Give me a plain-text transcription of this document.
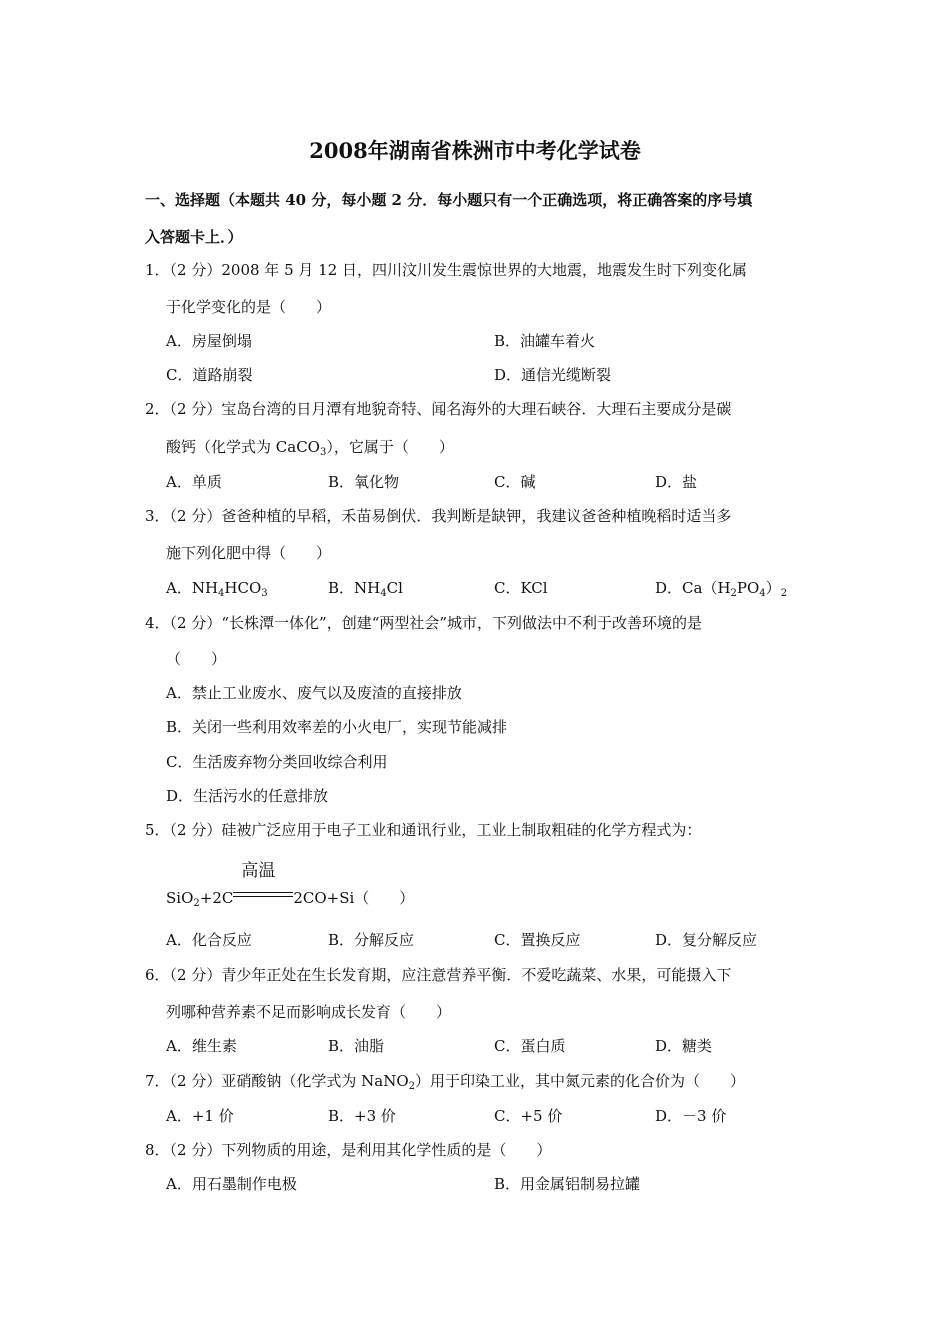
2008年湖南省株洲市中考化学试卷
一、选择题（本题共 40 分，每小题 2 分．每小题只有一个正确选项，将正确答案的序号填
入答题卡上．）
1．（2 分）2008 年 5 月 12 日，四川汶川发生震惊世界的大地震，地震发生时下列变化属
于化学变化的是（　　）
A．房屋倒塌	B．油罐车着火
C．道路崩裂	D．通信光缆断裂
2．（2 分）宝岛台湾的日月潭有地貌奇特、闻名海外的大理石峡谷．大理石主要成分是碳
酸钙（化学式为 CaCO$_3$），它属于（　　）
A．单质	B．氧化物	C．碱	D．盐
3．（2 分）爸爸种植的早稻，禾苗易倒伏．我判断是缺钾，我建议爸爸种植晚稻时适当多
施下列化肥中得（　　）
A．$NH_4HCO_3$	B．$NH_4Cl$	C．KCl	D．$Ca(H_2PO_4)_2$
4．（2 分）“长株潭一体化”，创建“两型社会”城市，下列做法中不利于改善环境的是
（　　）
A．禁止工业废水、废气以及废渣的直接排放
B．关闭一些利用效率差的小火电厂，实现节能减排
C．生活废弃物分类回收综合利用
D．生活污水的任意排放
5．（2 分）硅被广泛应用于电子工业和通讯行业，工业上制取粗硅的化学方程式为：
SiO$_2$+2C
高温
2CO+Si（　　）
A．化合反应	B．分解反应	C．置换反应	D．复分解反应
6．（2 分）青少年正处在生长发育期，应注意营养平衡．不爱吃蔬菜、水果，可能摄入下
列哪种营养素不足而影响成长发育（　　）
A．维生素	B．油脂	C．蛋白质	D．糖类
7．（2 分）亚硝酸钠（化学式为 NaNO$_2$）用于印染工业，其中氮元素的化合价为（　　）
A．+1 价	B．+3 价	C．+5 价	D．－3 价
8．（2 分）下列物质的用途，是利用其化学性质的是（　　）
A．用石墨制作电极	B．用金属铝制易拉罐
